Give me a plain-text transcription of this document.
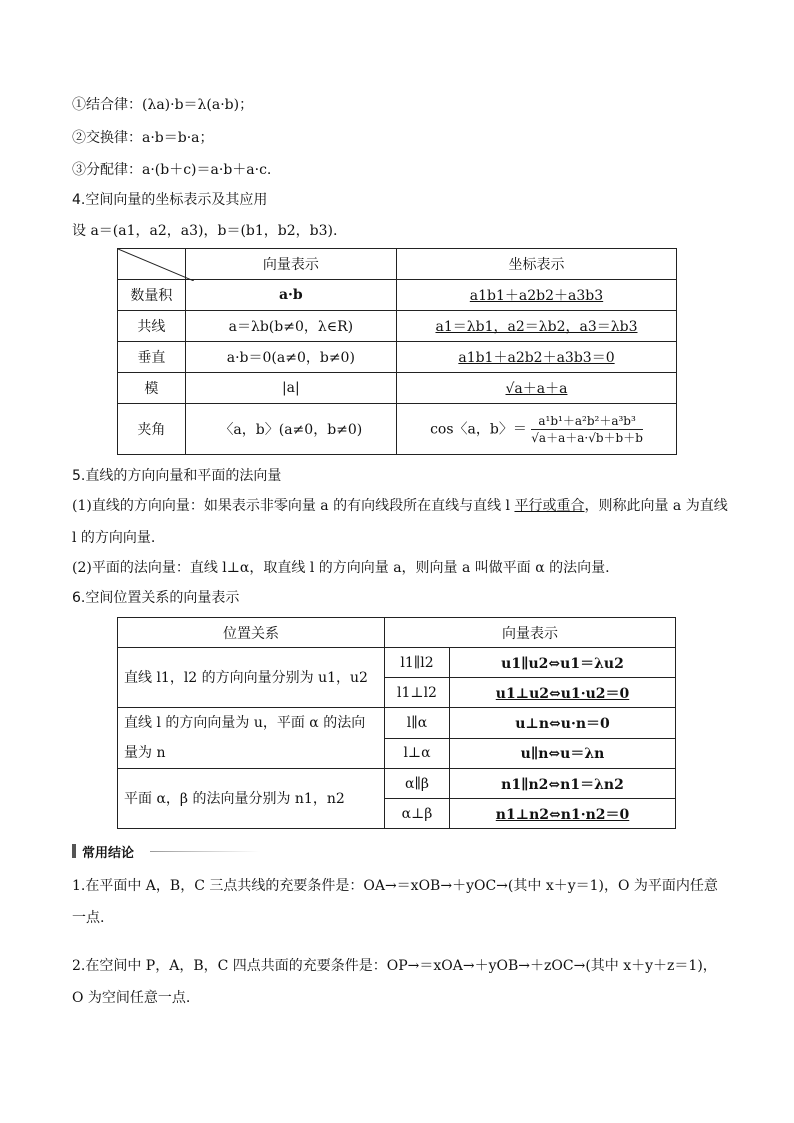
①结合律：(λa)·b＝λ(a·b)；
②交换律：a·b＝b·a；
③分配律：a·(b＋c)＝a·b＋a·c.
4.空间向量的坐标表示及其应用
设 a＝(a1，a2，a3)，b＝(b1，b2，b3).
	向量表示	坐标表示
数量积	a·b	a1b1＋a2b2＋a3b3
共线	a＝λb(b≠0，λ∈R)	a1＝λb1，a2＝λb2，a3＝λb3
垂直	a·b＝0(a≠0，b≠0)	a1b1＋a2b2＋a3b3＝0
模	|a|	√a＋a＋a
夹角	〈a，b〉(a≠0，b≠0)	cos〈a，b〉＝ $\frac{\text{a¹b¹＋a²b²＋a³b³}}{√a+a+a\cdot√b+b+b}$
5.直线的方向向量和平面的法向量
(1)直线的方向向量：如果表示非零向量 a 的有向线段所在直线与直线 l 平行或重合，则称此向量 a 为直线 l 的方向向量.
(2)平面的法向量：直线 l⊥α，取直线 l 的方向向量 a，则向量 a 叫做平面 α 的法向量.
6.空间位置关系的向量表示
位置关系	向量表示	
直线 l1，l2 的方向向量分别为 u1，u2	l1∥l2	u1∥u2⇔u1＝λu2
	l1⊥l2	u1⊥u2⇔u1·u2＝0
直线 l 的方向向量为 u，平面 α 的法向量为 n	l∥α	u⊥n⇔u·n＝0
	l⊥α	u∥n⇔u＝λn
平面 α，β 的法向量分别为 n1，n2	α∥β	n1∥n2⇔n1＝λn2
	α⊥β	n1⊥n2⇔n1·n2＝0
常用结论
1.在平面中 A，B，C 三点共线的充要条件是：OA→＝xOB→＋yOC→(其中 x＋y＝1)，O 为平面内任意一点.
2.在空间中 P，A，B，C 四点共面的充要条件是：OP→＝xOA→＋yOB→＋zOC→(其中 x＋y＋z＝1)，O 为空间任意一点.
